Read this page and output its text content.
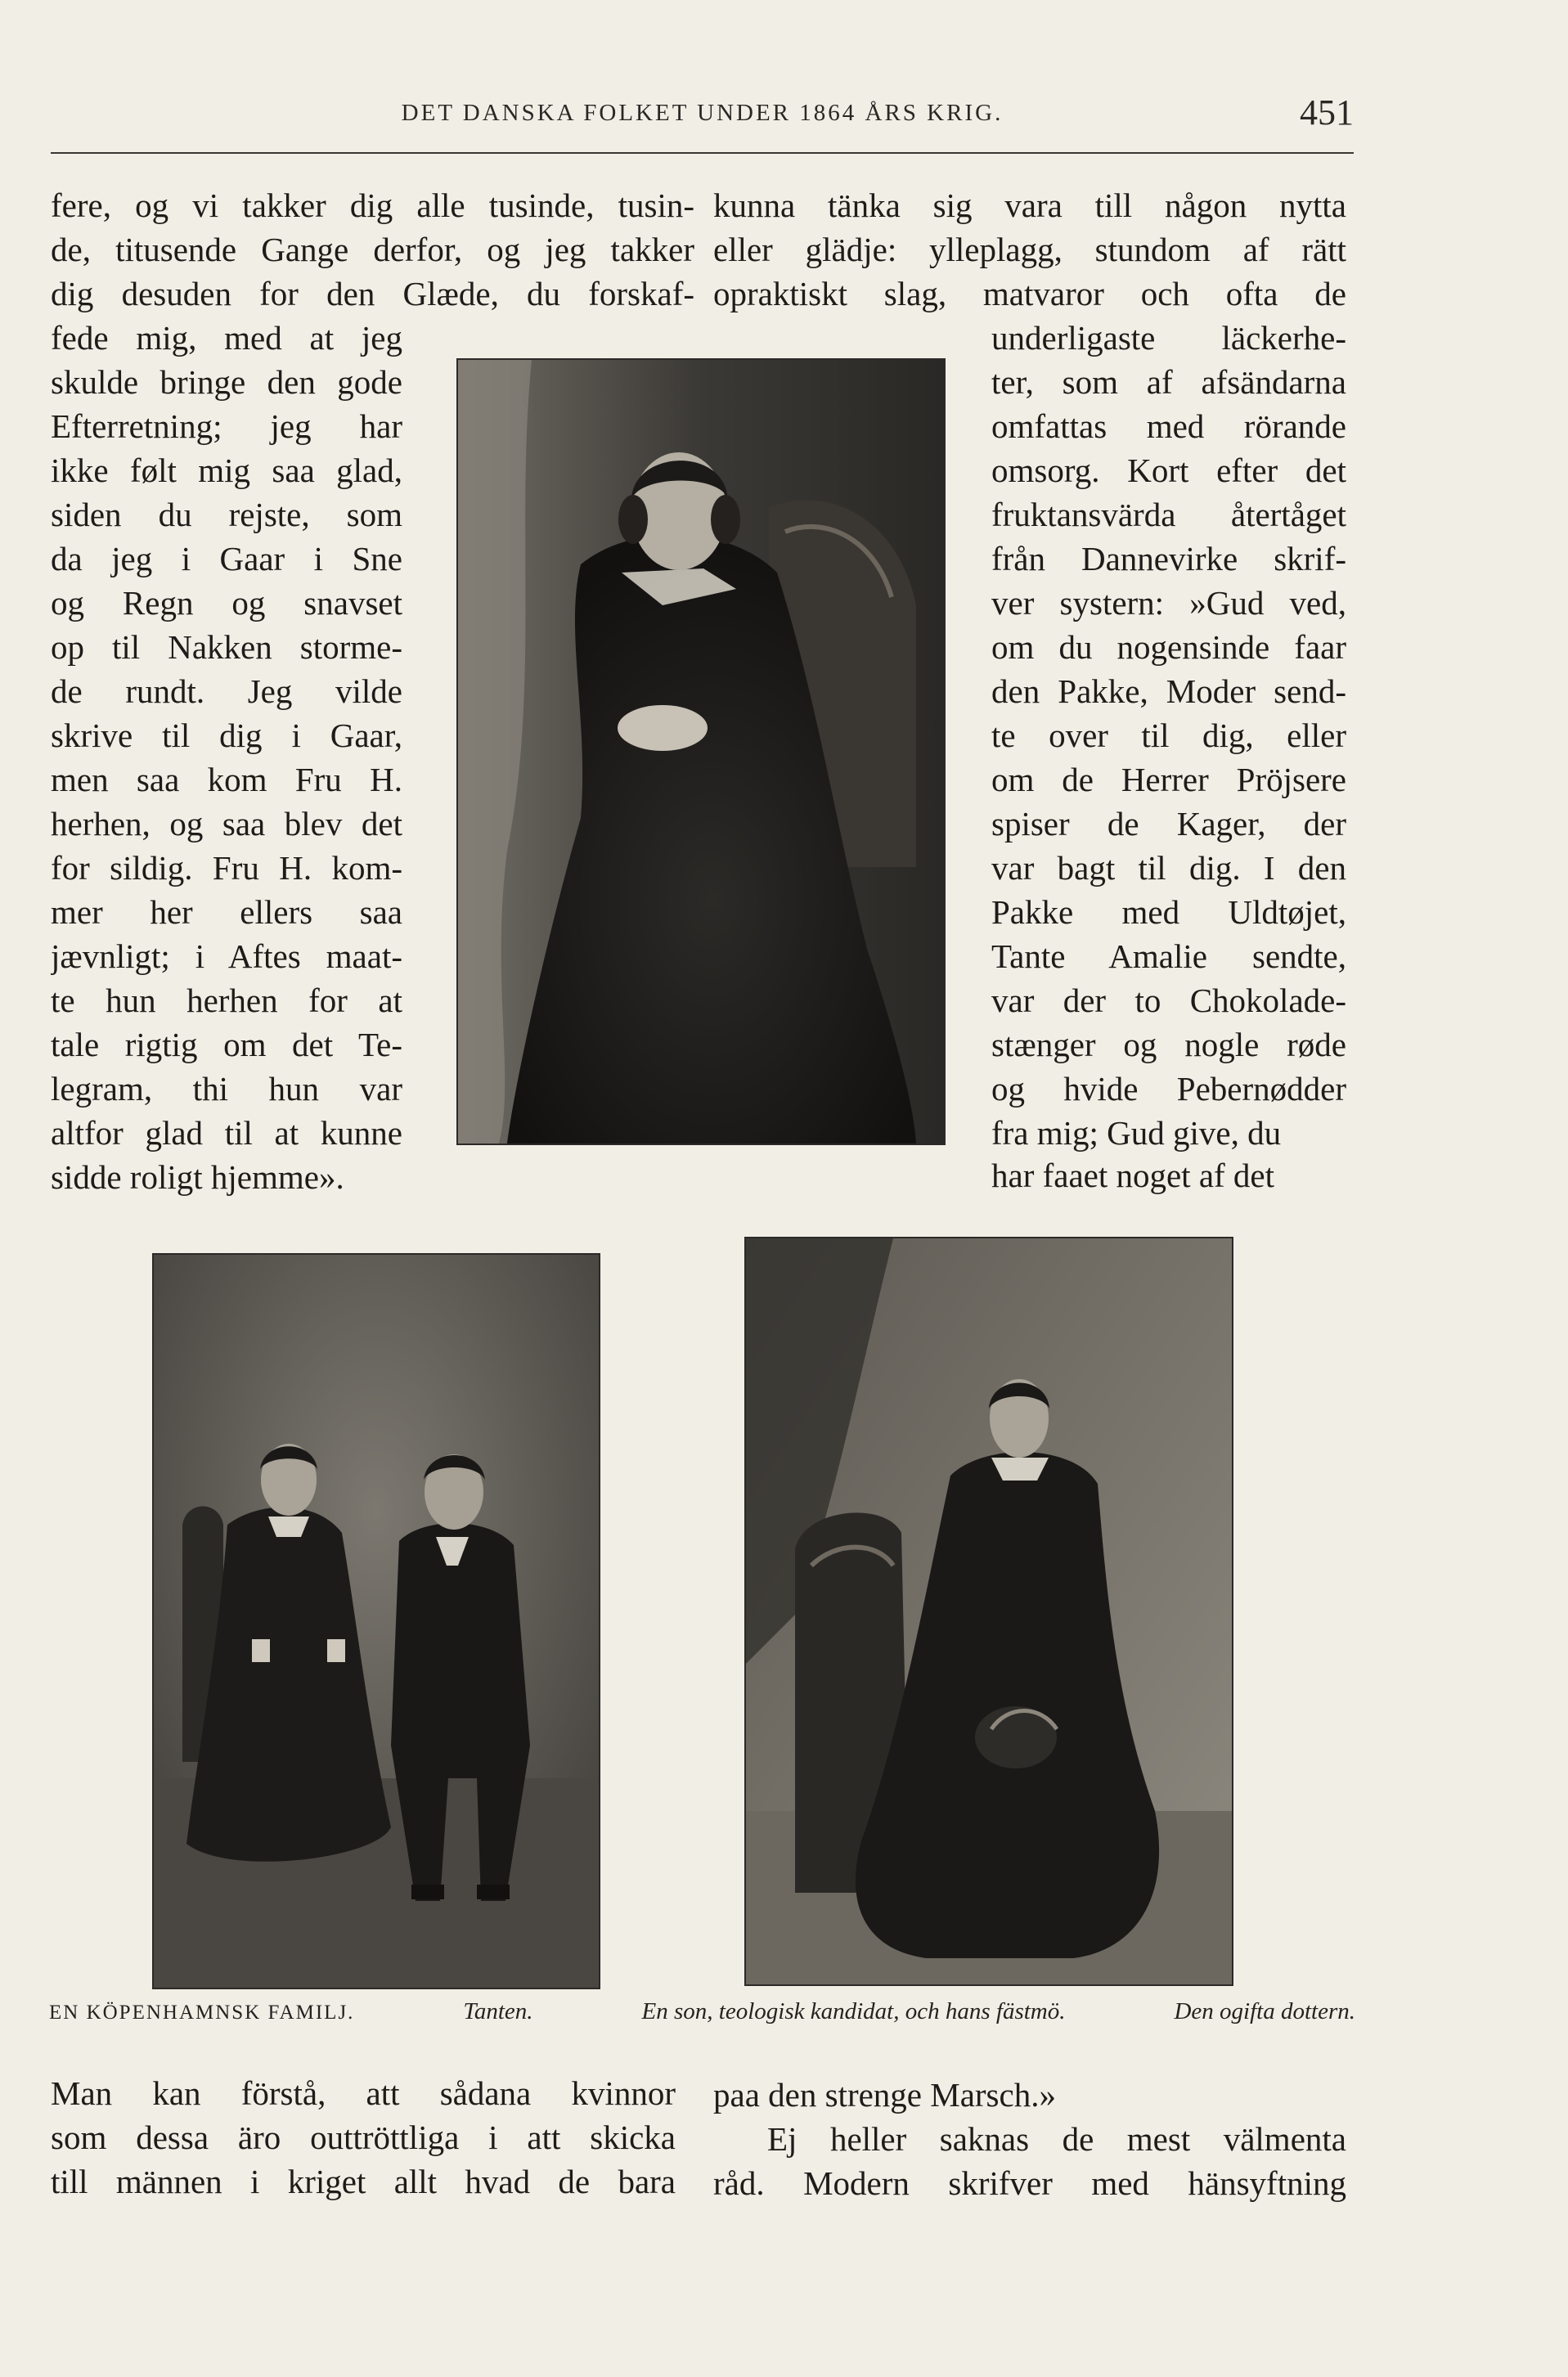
DET DANSKA FOLKET UNDER 1864 ÅRS KRIG.	451
fere, og vi takker dig alle tusinde, tusin-
de, titusende Gange derfor, og jeg takker
dig desuden for den Glæde, du forskaf-
fede mig, med at jeg
skulde bringe den gode
Efterretning; jeg har
ikke følt mig saa glad,
siden du rejste, som
da jeg i Gaar i Sne
og Regn og snavset
op til Nakken storme-
de rundt. Jeg vilde
skrive til dig i Gaar,
men saa kom Fru H.
herhen, og saa blev det
for sildig. Fru H. kom-
mer her ellers saa
jævnligt; i Aftes maat-
te hun herhen for at
tale rigtig om det Te-
legram, thi hun var
altfor glad til at kunne
sidde roligt hjemme».
kunna tänka sig vara till någon nytta
eller glädje: ylleplagg, stundom af rätt
opraktiskt slag, matvaror och ofta de
underligaste läckerhe-
ter, som af afsändarna
omfattas med rörande
omsorg. Kort efter det
fruktansvärda återtåget
från Dannevirke skrif-
ver systern: »Gud ved,
om du nogensinde faar
den Pakke, Moder send-
te over til dig, eller
om de Herrer Pröjsere
spiser de Kager, der
var bagt til dig. I den
Pakke med Uldtøjet,
Tante Amalie sendte,
var der to Chokolade-
stænger og nogle røde
og hvide Pebernødder
fra mig; Gud give, du
har faaet noget af det
EN KÖPENHAMNSK FAMILJ.	Tanten.	En son, teologisk kandidat, och hans fästmö.	Den ogifta dottern.
Man kan förstå, att sådana kvinnor
som dessa äro outtröttliga i att skicka
till männen i kriget allt hvad de bara
paa den strenge Marsch.»
Ej heller saknas de mest välmenta
råd. Modern skrifver med hänsyftning
